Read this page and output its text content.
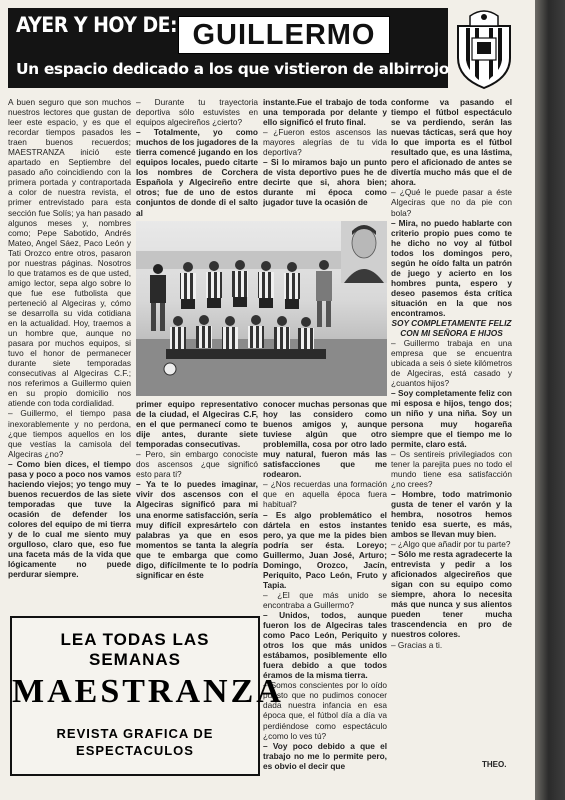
AYER Y HOY DE: GUILLERMO
Un espacio dedicado a los que vistieron de albirrojo

A buen seguro que son muchos nuestros lectores que gustan de leer este espacio, y es que el recordar tiempos pasados les traen buenos recuerdos; MAESTRANZA inició este apartado en Septiembre del pasado año coincidiendo con la primera portada y contraportada a color de nuestra revista, el primer entrevistado para esta sección fue Solís; ya han pasado algunos meses y, nombres como; Pepe Sabotido, Andrés Mateo, Angel Sáez, Paco León y Tati Orozco entre otros, pasaron por nuestras páginas. Nosotros lo que tratamos es de que usted, amigo lector, sepa algo sobre lo que fue ese futbolista que perteneció al Algeciras y, cómo se desarrolla su vida cotidiana en la actualidad. Hoy, traemos a un hombre que, aunque no pasara por muchos equipos, si tuvo el honor de permanecer durante siete temporadas consecutivas al Algeciras C.F.; nos referimos a Guillermo quien en su propio domicilio nos atiende con toda cordialidad.

– Guillermo, el tiempo pasa inexorablemente y no perdona, ¿que tiempos aquellos en los que vestías la camisola del Algeciras ¿no?

– Como bien dices, el tiempo pasa y poco a poco nos vamos haciendo viejos; yo tengo muy buenos recuerdos de las siete temporadas que tuve la ocasión de defender los colores del equipo de mi tierra y de lo cual me siento muy orgulloso, claro que, eso fue una faceta más de la vida que lógicamente no puede perdurar siempre.

– Durante tu trayectoria deportiva sólo estuvistes en equipos algecireños ¿cierto?

– Totalmente, yo como muchos de los jugadores de la tierra comencé jugando en los equipos locales, puedo citarte los nombres de Corchera Española y Algecireño entre otros; fue de uno de estos conjuntos de donde di el salto al

instante.Fue el trabajo de toda una temporada por delante y ello significó el fruto final.

– ¿Fueron estos ascensos las mayores alegrías de tu vida deportiva?

– Si lo miramos bajo un punto de vista deportivo pues he de decirte que si, ahora bien; durante mi época como jugador tuve la ocasión de

conforme va pasando el tiempo el fútbol espectáculo se va perdiendo, serán las nuevas tácticas, será que hoy lo que importa es el fútbol resultado que, es una lástima, pero el aficionado de antes se divertía mucho más que el de ahora.

– ¿Qué le puede pasar a éste Algeciras que no da pie con bola?

– Mira, no puedo hablarte con criterio propio pues como te he dicho no voy al fútbol todos los domingos pero, según he oído falta un patrón de juego y acierto en los hombres punta, espero y deseo pasemos ésta crítica situación en la que nos encontramos.

SOY COMPLETAMENTE FELIZ CON MI SEÑORA E HIJOS

– Guillermo trabaja en una empresa que se encuentra ubicada a seis ó siete kilómetros de Algeciras, está casado y ¿cuantos hijos?

– Soy completamente feliz con mi esposa e hijos, tengo dos; un niño y una niña. Soy un persona muy hogareña siempre que el tiempo me lo permite, claro está.

– Os sentireis privilegiados con tener la parejita pues no todo el mundo tiene esa satisfacción ¿no crees?

– Hombre, todo matrimonio gusta de tener el varón y la hembra, nosotros hemos tenido esa suerte, es más, ambos se llevan muy bien.

– ¿Algo que añadir por tu parte?

– Sólo me resta agradecerte la entrevista y pedir a los aficionados algecireños que sigan con su equipo como siempre, ahora lo necesita más que nunca y sus alientos pueden tener mucha trascendencia en pro de nuestros colores.

– Gracias a ti.

primer equipo representativo de la ciudad, el Algeciras C.F, en el que permanecí como te dije antes, durante siete temporadas consecutivas.

– Pero, sin embargo conociste dos ascensos ¿que significó esto para ti?

– Ya te lo puedes imaginar, vivir dos ascensos con el Algeciras significó para mi una enorme satisfacción, sería muy difícil expresártelo con palabras ya que en esos momentos se tanta la alegría que te embarga que como digo, difícilmente te lo podría significar en éste

conocer muchas personas que hoy las considero como buenos amigos y, aunque tuviese algún que otro problemilla, cosa por otro lado muy natural, fueron más las satisfacciones que me rodearon.

– ¿Nos recuerdas una formación que en aquella época fuera habitual?

– Es algo problemático el dártela en estos instantes pero, ya que me la pides bien podría ser ésta. Loreyo; Guillermo, Juan José, Arturo; Domingo, Orozco, Jacín, Periquito, Paco León, Fruto y Tapia.

– ¿El que más unido se encontraba a Guillermo?

– Unidos, todos, aunque fueron los de Algeciras tales como Paco León, Periquito y otros los que más unidos estábamos, posiblemente ello fuera debido a que todos éramos de la misma tierra.

– Somos conscientes por lo oído puesto que no pudimos conocer dada nuestra infancia en esa época que, el fútbol día a día va perdiéndose como espectáculo ¿como lo ves tú?

– Voy poco debido a que el trabajo no me lo permite pero, es obvio el decir que

LEA TODAS LAS
SEMANAS
MAESTRANZA
REVISTA GRAFICA DE
ESPECTACULOS
THEO.
